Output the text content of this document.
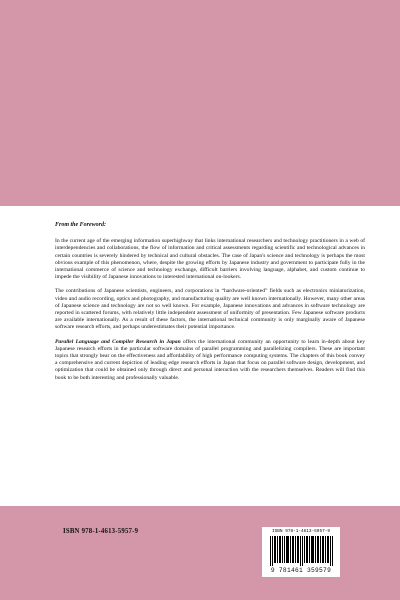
From the Foreword:

In the current age of the emerging information superhighway that links international researchers and technology practitioners in a web of interdependencies and collaborations, the flow of information and critical assessments regarding scientific and technological advances in certain countries is severely hindered by technical and cultural obstacles. The case of Japan's science and technology is perhaps the most obvious example of this phenomenon, where, despite the growing efforts by Japanese industry and government to participate fully in the international commerce of science and technology exchange, difficult barriers involving language, alphabet, and custom continue to impede the visibility of Japanese innovations to interested international on-lookers.

The contributions of Japanese scientists, engineers, and corporations in “hardware-oriented” fields such as electronics miniaturization, video and audio recording, optics and photography, and manufacturing quality are well known internationally. However, many other areas of Japanese science and technology are not so well known. For example, Japanese innovations and advances in software technology are reported in scattered forums, with relatively little independent assessment of uniformity of presentation. Few Japanese software products are available internationally. As a result of these factors, the international technical community is only marginally aware of Japanese software research efforts, and perhaps underestimates their potential importance.

Parallel Language and Compiler Research in Japan offers the international community an opportunity to learn in-depth about key Japanese research efforts in the particular software domains of parallel programming and parallelizing compilers. These are important topics that strongly bear on the effectiveness and affordability of high performance computing systems. The chapters of this book convey a comprehensive and current depiction of leading edge research efforts in Japan that focus on parallel software design, development, and optimization that could be obtained only through direct and personal interaction with the researchers themselves. Readers will find this book to be both interesting and professionally valuable.

ISBN 978-1-4613-5957-9	ISBN 978-1-4613-5957-9
9 781461 359579
